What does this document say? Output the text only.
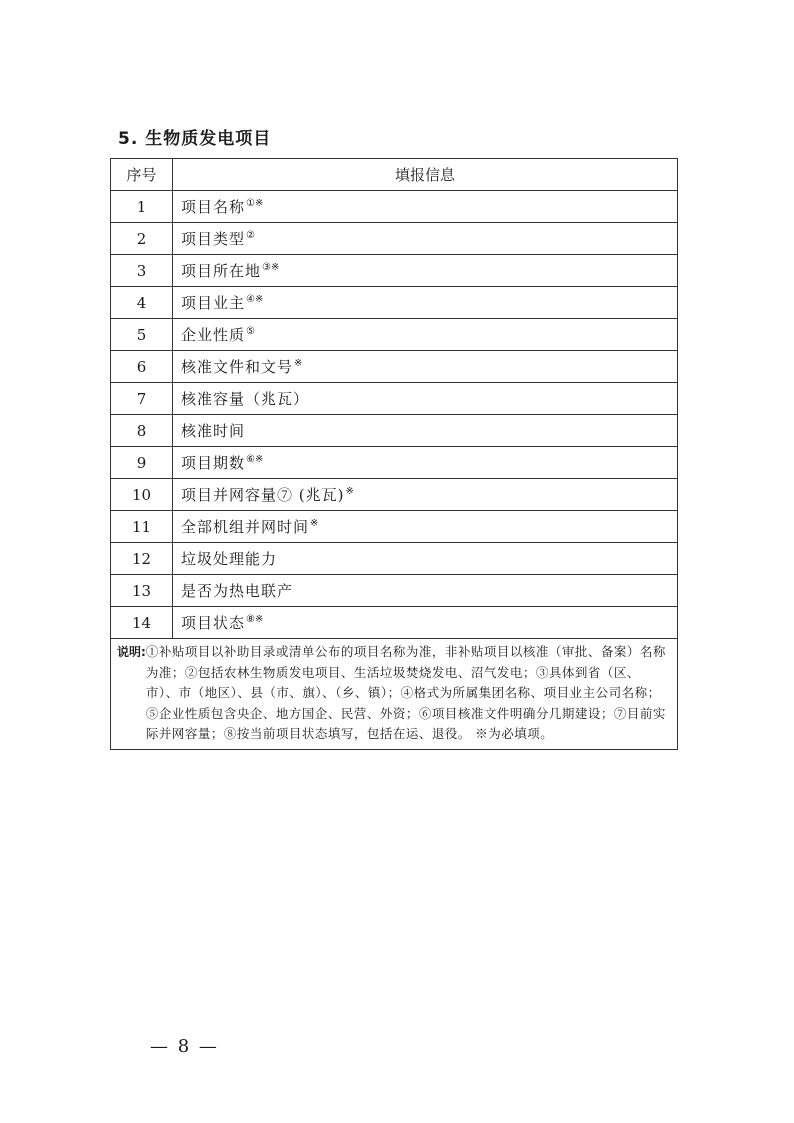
5. 生物质发电项目
序号	填报信息
1	项目名称①※
2	项目类型②
3	项目所在地③※
4	项目业主④※
5	企业性质⑤
6	核准文件和文号※
7	核准容量（兆瓦）
8	核准时间
9	项目期数⑥※
10	项目并网容量⑦ (兆瓦)※
11	全部机组并网时间※
12	垃圾处理能力
13	是否为热电联产
14	项目状态⑧※

说明: ①补贴项目以补助目录或清单公布的项目名称为准，非补贴项目以核准（审批、备案）名称为准；②包括农林生物质发电项目、生活垃圾焚烧发电、沼气发电；③具体到省（区、市）、市（地区）、县（市、旗）、（乡、镇）；④格式为所属集团名称、项目业主公司名称；⑤企业性质包含央企、地方国企、民营、外资；⑥项目核准文件明确分几期建设；⑦目前实际并网容量；⑧按当前项目状态填写，包括在运、退役。 ※为必填项。	
— 8 —
